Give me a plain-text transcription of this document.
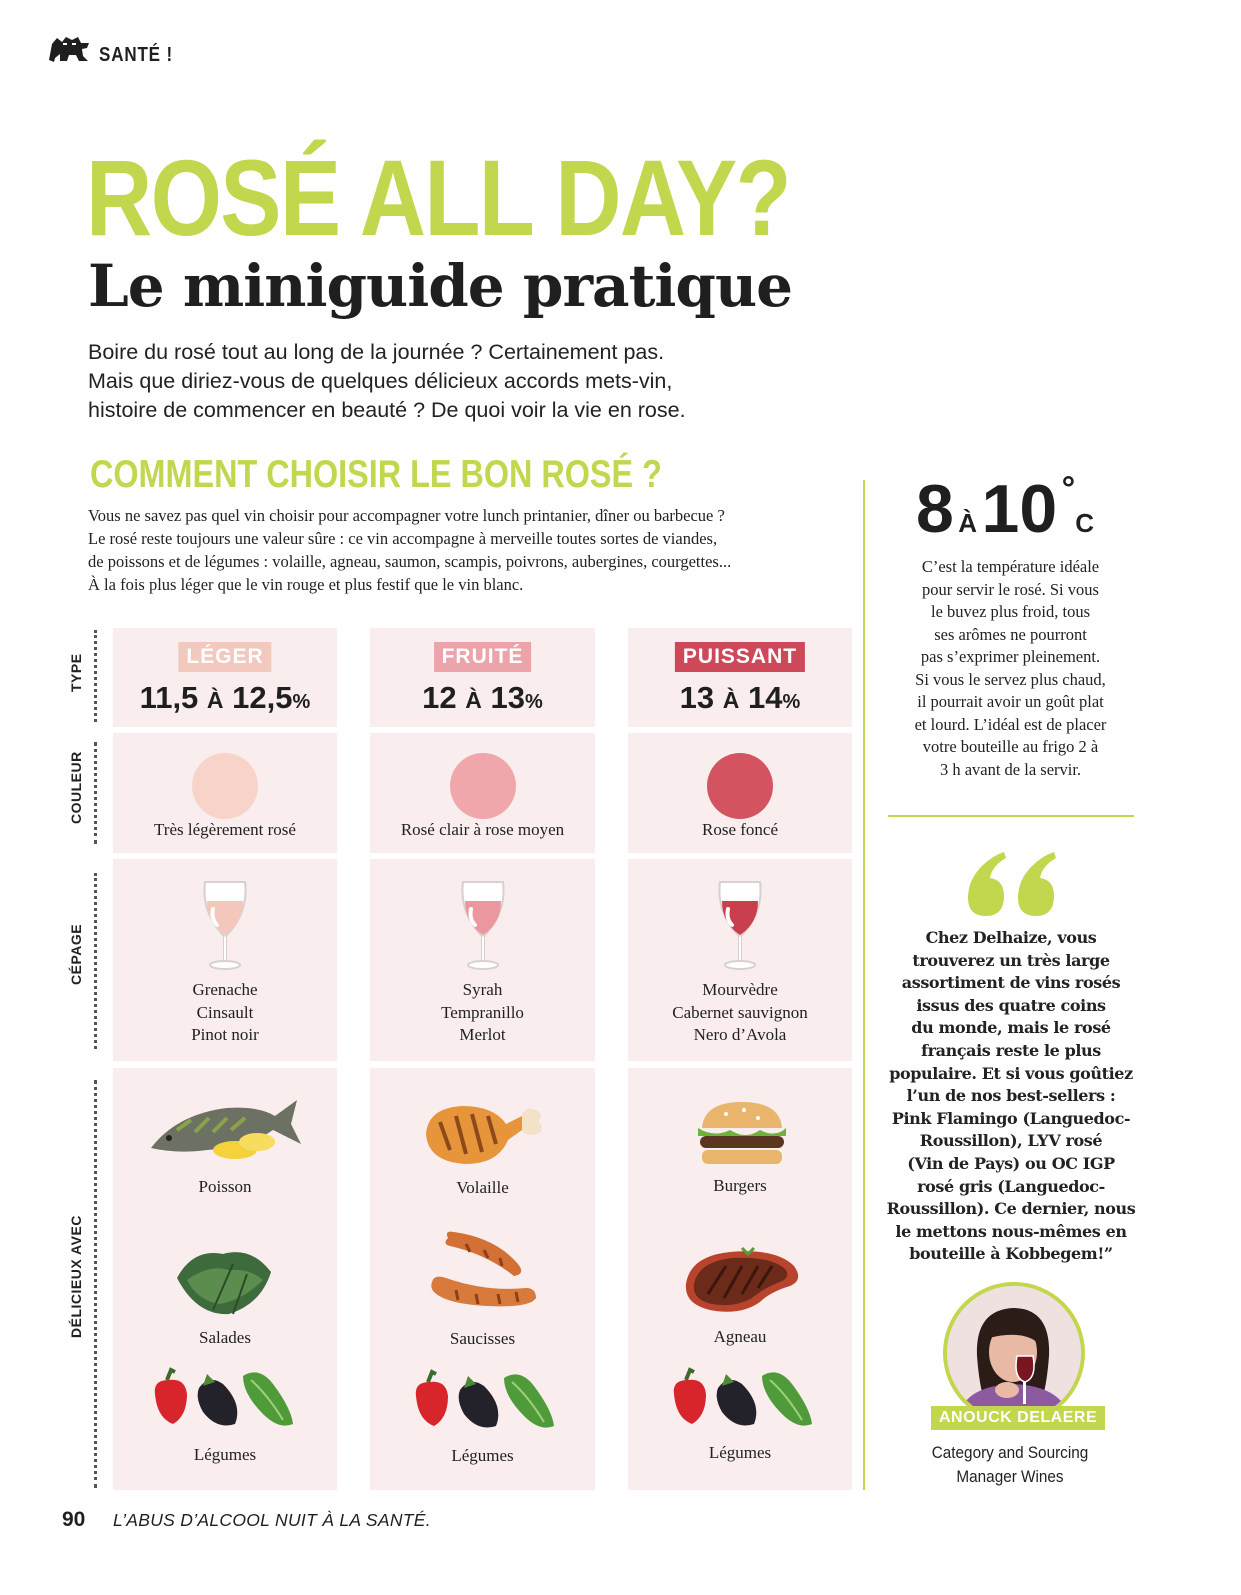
SANTÉ !
ROSÉ ALL DAY?
Le miniguide pratique
Boire du rosé tout au long de la journée ? Certainement pas.
Mais que diriez-vous de quelques délicieux accords mets-vin,
histoire de commencer en beauté ? De quoi voir la vie en rose.
COMMENT CHOISIR LE BON ROSÉ ?
Vous ne savez pas quel vin choisir pour accompagner votre lunch printanier, dîner ou barbecue ?
Le rosé reste toujours une valeur sûre : ce vin accompagne à merveille toutes sortes de viandes,
de poissons et de légumes : volaille, agneau, saumon, scampis, poivrons, aubergines, courgettes...
À la fois plus léger que le vin rouge et plus festif que le vin blanc.
TYPE
COULEUR
CÉPAGE
DÉLICIEUX AVEC
LÉGER
11,5 À 12,5%
Très légèrement rosé
Grenache
Cinsault
Pinot noir
Poisson
Salades
Légumes
FRUITÉ
12 À 13%
Rosé clair à rose moyen
Syrah
Tempranillo
Merlot
Volaille
Saucisses
Légumes
PUISSANT
13 À 14%
Rose foncé
Mourvèdre
Cabernet sauvignon
Nero d’Avola
Burgers
Agneau
Légumes
8 À 10 °C
C’est la température idéale
pour servir le rosé. Si vous
le buvez plus froid, tous
ses arômes ne pourront
pas s’exprimer pleinement.
Si vous le servez plus chaud,
il pourrait avoir un goût plat
et lourd. L’idéal est de placer
votre bouteille au frigo 2 à
3 h avant de la servir.
Chez Delhaize, vous
trouverez un très large
assortiment de vins rosés
issus des quatre coins
du monde, mais le rosé
français reste le plus
populaire. Et si vous goûtiez
l’un de nos best-sellers :
Pink Flamingo (Languedoc-
Roussillon), LYV rosé
(Vin de Pays) ou OC IGP
rosé gris (Languedoc-
Roussillon). Ce dernier, nous
le mettons nous-mêmes en
bouteille à Kobbegem!”
ANOUCK DELAERE
Category and Sourcing
Manager Wines
90 L’ABUS D’ALCOOL NUIT À LA SANTÉ.
